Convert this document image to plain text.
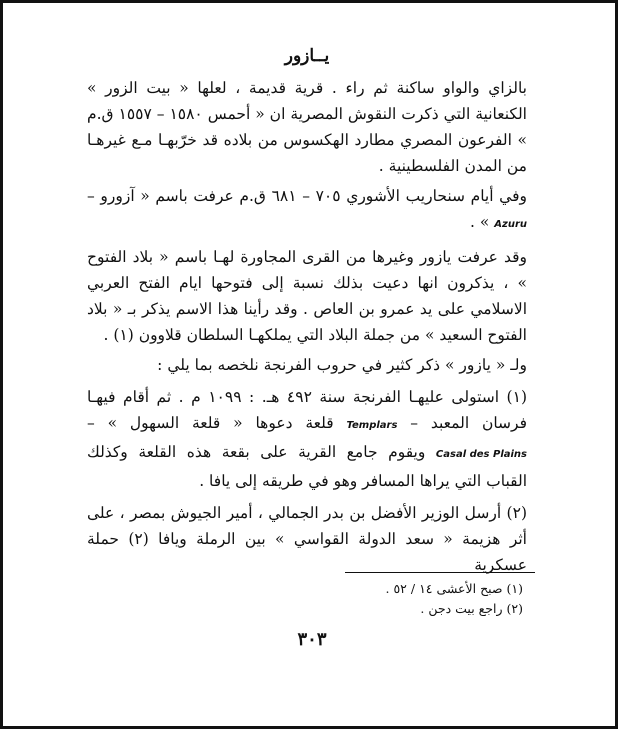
يــازور

بالزاي والواو ساكنة ثم راء . قرية قديمة ، لعلها « بيت الزور » الكنعانية التي ذكرت النقوش المصرية ان « أحمس ١٥٨٠ – ١٥٥٧ ق.م » الفرعون المصري مطارد الهكسوس من بلاده قد خرّبهـا مـع غيرهـا من المدن الفلسطينية .

وفي أيام سنحاريب الأشوري ٧٠٥ – ٦٨١ ق.م عرفت باسم « آزورو – Azuru » .

وقد عرفت يازور وغيرها من القرى المجاورة لهـا باسم « بلاد الفتوح » ، يذكرون انها دعيت بذلك نسبة إلى فتوحها ايام الفتح العربي الاسلامي على يد عمرو بن العاص . وقد رأينا هذا الاسم يذكر بـ « بلاد الفتوح السعيد » من جملة البلاد التي يملكهـا السلطان قلاوون (١) .

ولـ « يازور » ذكر كثير في حروب الفرنجة نلخصه بما يلي :

(١) استولى عليهـا الفرنجة سنة ٤٩٢ هـ. : ١٠٩٩ م . ثم أقام فيهـا فرسان المعبد – Templars قلعة دعوها « قلعة السهول » – Casal des Plains ويقوم جامع القرية على بقعة هذه القلعة وكذلك القباب التي يراها المسافر وهو في طريقه إلى يافا .

(٢) أرسل الوزير الأفضل بن بدر الجمالي ، أمير الجيوش بمصر ، على أثر هزيمة « سعد الدولة القواسي » بين الرملة ويافا (٢) حملة عسكرية

(١) صبح الأعشى ١٤ / ٥٢ .
(٢) راجع بيت دجن .
٣٠٣
